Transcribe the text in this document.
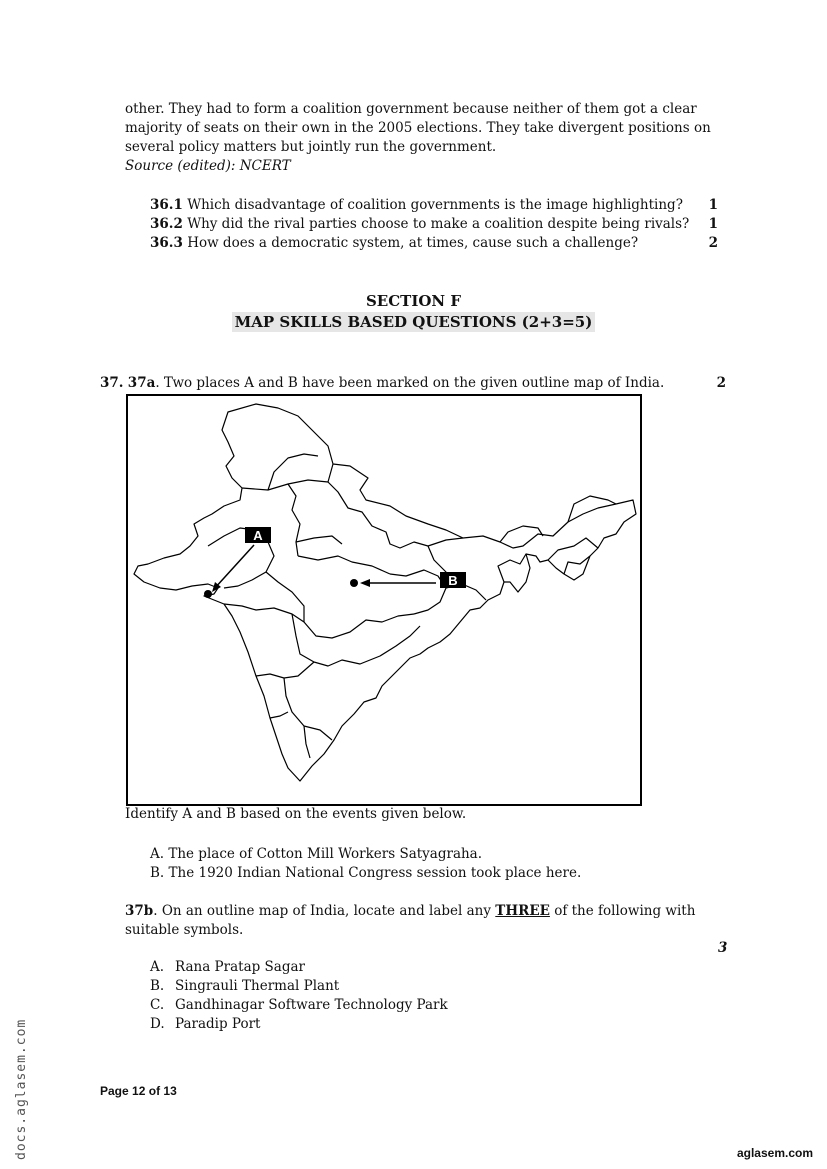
other. They had to form a coalition government because neither of them got a clear

majority of seats on their own in the 2005 elections. They take divergent positions on

several policy matters but jointly run the government.

Source (edited): NCERT

36.1 Which disadvantage of coalition governments is the image highlighting? 1
36.2 Why did the rival parties choose to make a coalition despite being rivals? 1
36.3 How does a democratic system, at times, cause such a challenge?	2
SECTION F
MAP SKILLS BASED QUESTIONS (2+3=5)
37. 37a. Two places A and B have been marked on the given outline map of India.	2
A
B
Identify A and B based on the events given below.
A. The place of Cotton Mill Workers Satyagraha.
B. The 1920 Indian National Congress session took place here.
37b. On an outline map of India, locate and label any THREE of the following with
suitable symbols.
3
A. Rana Pratap Sagar
B. Singrauli Thermal Plant
C. Gandhinagar Software Technology Park
D. Paradip Port
Page 12 of 13
docs.aglasem.com	aglasem.com
